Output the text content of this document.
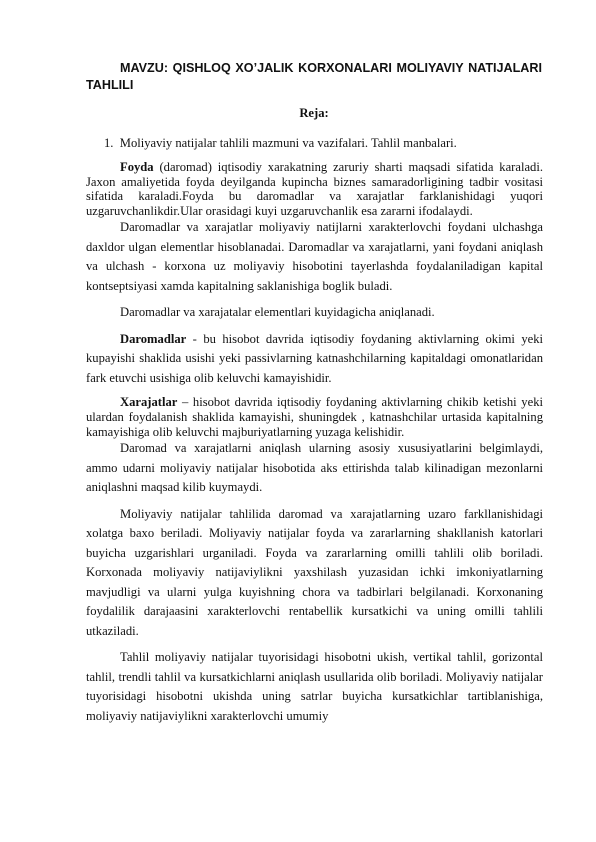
MAVZU: QISHLOQ XO’JALIK KORXONALARI MOLIYAVIY NATIJALARI TAHLILI

Reja:

1. Moliyaviy natijalar tahlili mazmuni va vazifalari. Tahlil manbalari.

Foyda (daromad) iqtisodiy xarakatning zaruriy sharti maqsadi sifatida karaladi. Jaxon amaliyetida foyda deyilganda kupincha biznes samaradorligining tadbir vositasi sifatida karaladi.Foyda bu daromadlar va xarajatlar farklanishidagi yuqori uzgaruvchanlikdir.Ular orasidagi kuyi uzgaruvchanlik esa zararni ifodalaydi.

Daromadlar va xarajatlar moliyaviy natijlarni xarakterlovchi foydani ulchashga daxldor ulgan elementlar hisoblanadai. Daromadlar va xarajatlarni, yani foydani aniqlash va ulchash - korxona uz moliyaviy hisobotini tayerlashda foydalaniladigan kapital kontseptsiyasi xamda kapitalning saklanishiga boglik buladi.

Daromadlar va xarajatalar elementlari kuyidagicha aniqlanadi.

Daromadlar - bu hisobot davrida iqtisodiy foydaning aktivlarning okimi yeki kupayishi shaklida usishi yeki passivlarning katnashchilarning kapitaldagi omonatlaridan fark etuvchi usishiga olib keluvchi kamayishidir.

Xarajatlar – hisobot davrida iqtisodiy foydaning aktivlarning chikib ketishi yeki ulardan foydalanish shaklida kamayishi, shuningdek , katnashchilar urtasida kapitalning kamayishiga olib keluvchi majburiyatlarning yuzaga kelishidir.

Daromad va xarajatlarni aniqlash ularning asosiy xususiyatlarini belgimlaydi, ammo udarni moliyaviy natijalar hisobotida aks ettirishda talab kilinadigan mezonlarni aniqlashni maqsad kilib kuymaydi.

Moliyaviy natijalar tahlilida daromad va xarajatlarning uzaro farkllanishidagi xolatga baxo beriladi. Moliyaviy natijalar foyda va zararlarning shakllanish katorlari buyicha uzgarishlari urganiladi. Foyda va zararlarning omilli tahlili olib boriladi. Korxonada moliyaviy natijaviylikni yaxshilash yuzasidan ichki imkoniyatlarning mavjudligi va ularni yulga kuyishning chora va tadbirlari belgilanadi. Korxonaning foydalilik darajaasini xarakterlovchi rentabellik kursatkichi va uning omilli tahlili utkaziladi.

Tahlil moliyaviy natijalar tuyorisidagi hisobotni ukish, vertikal tahlil, gorizontal tahlil, trendli tahlil va kursatkichlarni aniqlash usullarida olib boriladi. Moliyaviy natijalar tuyorisidagi hisobotni ukishda uning satrlar buyicha kursatkichlar tartiblanishiga, moliyaviy natijaviylikni xarakterlovchi umumiy
